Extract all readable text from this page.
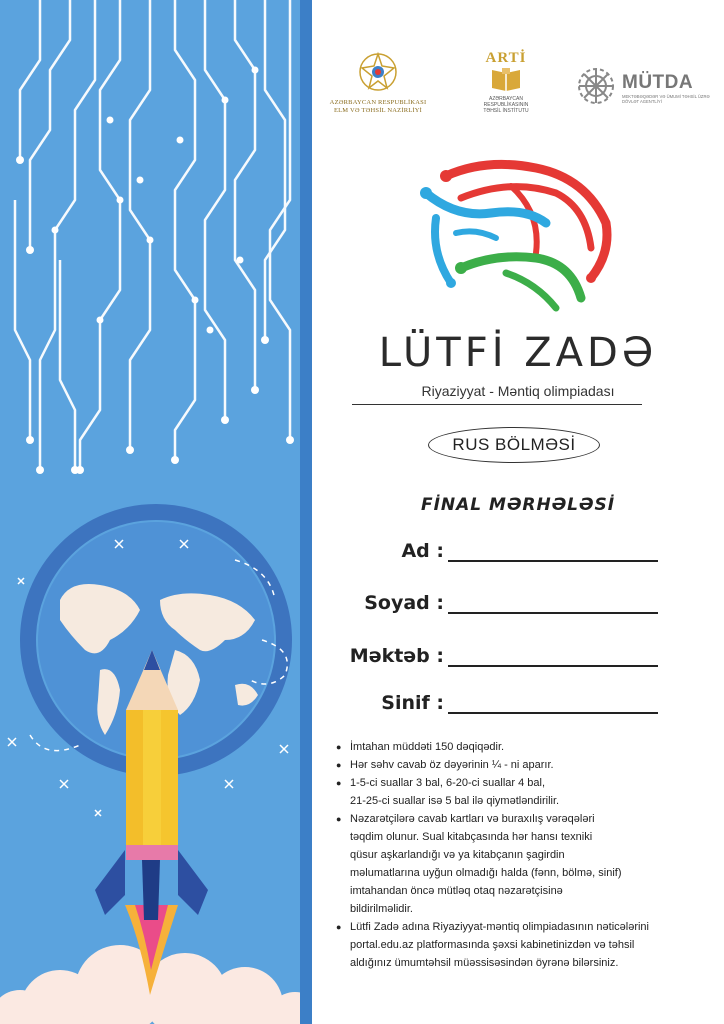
AZƏRBAYCAN RESPUBLİKASI
ELM VƏ TƏHSİL NAZİRLİYİ
ARTİ
AZƏRBAYCAN RESPUBLİKASININ
TƏHSİL İNSTİTUTU
MÜTDA
MEKTƏBƏQƏDƏR VƏ ÜMUMİ TƏHSİL ÜZRƏ DÖVLƏT AGENTLİYİ
LÜTFİ ZADƏ
Riyaziyyat - Məntiq olimpiadası
RUS BÖLMƏSİ
FİNAL MƏRHƏLƏSİ
Ad :
Soyad :
Məktəb :
Sinif :
● İmtahan müddəti 150 dəqiqədir.
● Hər səhv cavab öz dəyərinin ¼ - ni aparır.
● 1-5-ci suallar 3 bal, 6-20-ci suallar 4 bal,
21-25-ci suallar isə 5 bal ilə qiymətləndirilir.
● Nəzarətçilərə cavab kartları və buraxılış vərəqələri
təqdim olunur. Sual kitabçasında hər hansı texniki
qüsur aşkarlandığı və ya kitabçanın şagirdin
məlumatlarına uyğun olmadığı halda (fənn, bölmə, sinif)
imtahandan öncə mütləq otaq nəzarətçisinə
bildirilməlidir.
● Lütfi Zadə adına Riyaziyyat-məntiq olimpiadasının nəticələrini
portal.edu.az platformasında şəxsi kabinetinizdən və təhsil
aldığınız ümumtəhsil müəssisəsindən öyrənə bilərsiniz.
